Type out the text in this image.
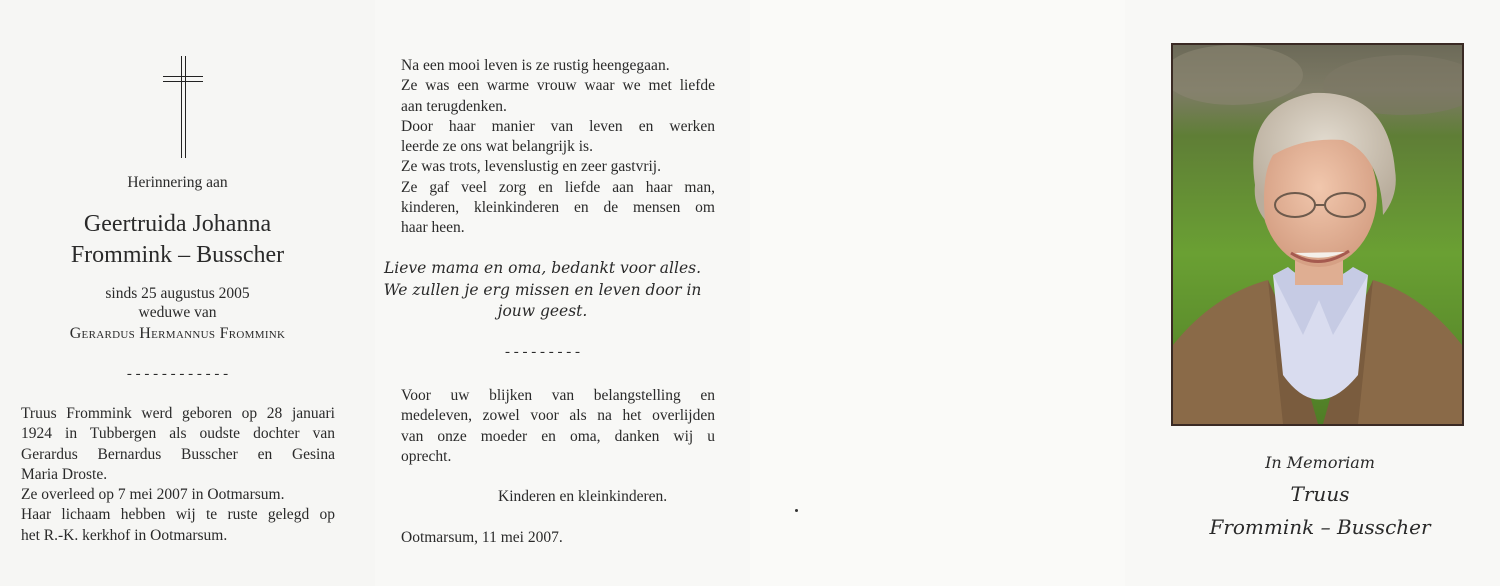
Herinnering aan
Geertruida Johanna
Frommink – Busscher
sinds 25 augustus 2005
weduwe van
Gerardus Hermannus Frommink
- - - - - - - - - - - -
Truus Frommink werd geboren op 28 januari
1924 in Tubbergen als oudste dochter van
Gerardus Bernardus Busscher en Gesina
Maria Droste.
Ze overleed op 7 mei 2007 in Ootmarsum.
Haar lichaam hebben wij te ruste gelegd op
het R.-K. kerkhof in Ootmarsum.
Na een mooi leven is ze rustig heengegaan.
Ze was een warme vrouw waar we met liefde
aan terugdenken.
Door haar manier van leven en werken
leerde ze ons wat belangrijk is.
Ze was trots, levenslustig en zeer gastvrij.
Ze gaf veel zorg en liefde aan haar man,
kinderen, kleinkinderen en de mensen om
haar heen.
Lieve mama en oma, bedankt voor alles.
We zullen je erg missen en leven door in
jouw geest.
- - - - - - - - -
Voor uw blijken van belangstelling en
medeleven, zowel voor als na het overlijden
van onze moeder en oma, danken wij u
oprecht.
Kinderen en kleinkinderen.
Ootmarsum, 11 mei 2007.
In Memoriam
Truus
Frommink – Busscher
